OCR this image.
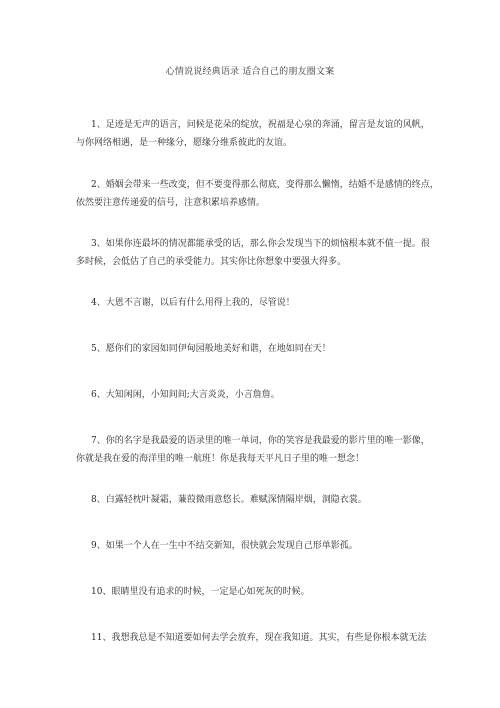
心情说说经典语录 适合自己的朋友圈文案
1、足迹是无声的语言，问候是花朵的绽放，祝福是心泉的奔涌，留言是友谊的风帆，
与你网络相遇，是一种缘分，愿缘分维系彼此的友谊。
2、婚姻会带来一些改变，但不要变得那么彻底，变得那么懒惰，结婚不是感情的终点，
依然要注意传递爱的信号，注意积累培养感情。
3、如果你连最坏的情况都能承受的话，那么你会发现当下的烦恼根本就不值一提。很
多时候，会低估了自己的承受能力。其实你比你想象中要强大得多。
4、大恩不言谢，以后有什么用得上我的，尽管说！
5、愿你们的家园如同伊甸园般地美好和谐，在地如同在天！
6、大知闲闲，小知间间;大言炎炎，小言詹詹。
7、你的名字是我最爱的语录里的唯一单词，你的笑容是我最爱的影片里的唯一影像，
你就是我在爱的海洋里的唯一航班！你是我每天平凡日子里的唯一想念！
8、白露轻枕叶凝霜，蒹葭微雨意悠长。难赋深情隔岸烟，洞隐衣裳。
9、如果一个人在一生中不结交新知，很快就会发现自己形单影孤。
10、眼睛里没有追求的时候，一定是心如死灰的时候。
11、我想我总是不知道要如何去学会放弃，现在我知道。其实，有些是你根本就无法
